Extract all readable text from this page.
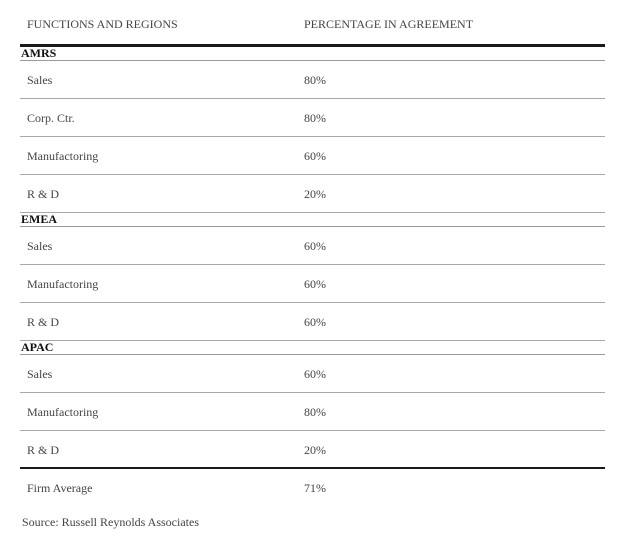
FUNCTIONS AND REGIONS	PERCENTAGE IN AGREEMENT
AMRS
Sales	80%
Corp. Ctr.	80%
Manufactoring	60%
R & D	20%
EMEA
Sales	60%
Manufactoring	60%
R & D	60%
APAC
Sales	60%
Manufactoring	80%
R & D	20%
Firm Average	71%
Source: Russell Reynolds Associates
